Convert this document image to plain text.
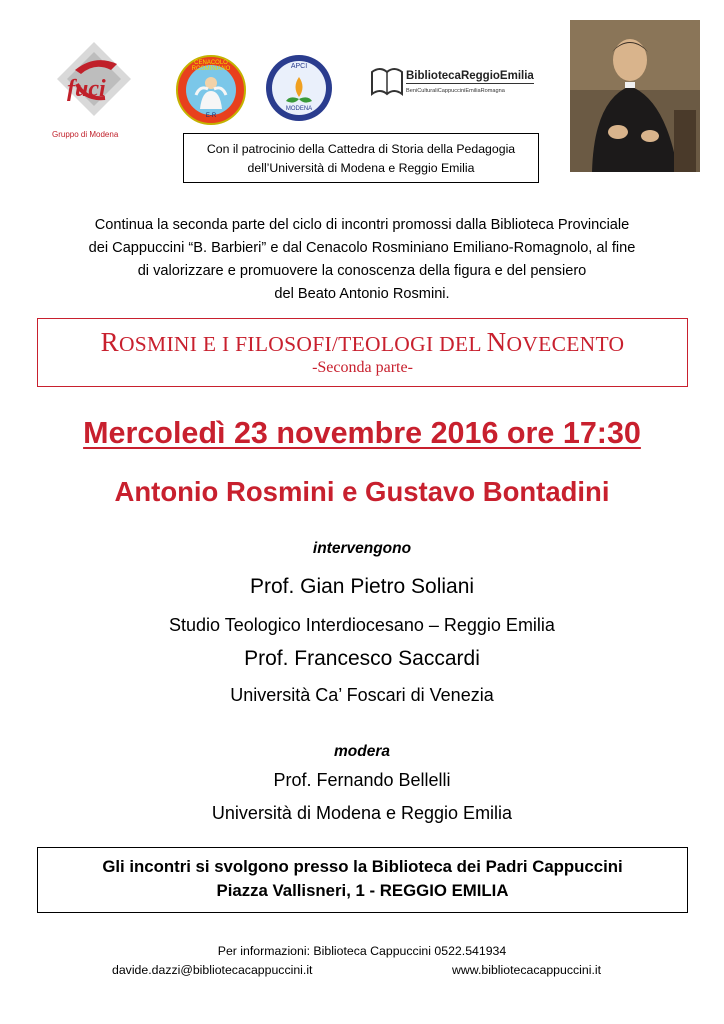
fuci
Gruppo di Modena
CENACOLO ROSMINIANO
E-R
APCI
MODENA
BibliotecaReggioEmilia
BeniCulturaliCappucciniEmiliaRomagna
Con il patrocinio della Cattedra di Storia della Pedagogia
dell’Università di Modena e Reggio Emilia
Continua la seconda parte del ciclo di incontri promossi dalla Biblioteca Provinciale
dei Cappuccini “B. Barbieri” e dal Cenacolo Rosminiano Emiliano-Romagnolo, al fine
di valorizzare e promuovere la conoscenza della figura e del pensiero
del Beato Antonio Rosmini.
ROSMINI E I FILOSOFI/TEOLOGI DEL NOVECENTO
-Seconda parte-
Mercoledì 23 novembre 2016 ore 17:30
Antonio Rosmini e Gustavo Bontadini
intervengono
Prof. Gian Pietro Soliani
Studio Teologico Interdiocesano – Reggio Emilia
Prof. Francesco Saccardi
Università Ca’ Foscari di Venezia
modera
Prof. Fernando Bellelli
Università di Modena e Reggio Emilia
Gli incontri si svolgono presso la Biblioteca dei Padri Cappuccini
Piazza Vallisneri, 1 - REGGIO EMILIA
Per informazioni: Biblioteca Cappuccini 0522.541934
davide.dazzi@bibliotecacappuccini.it	www.bibliotecacappuccini.it
